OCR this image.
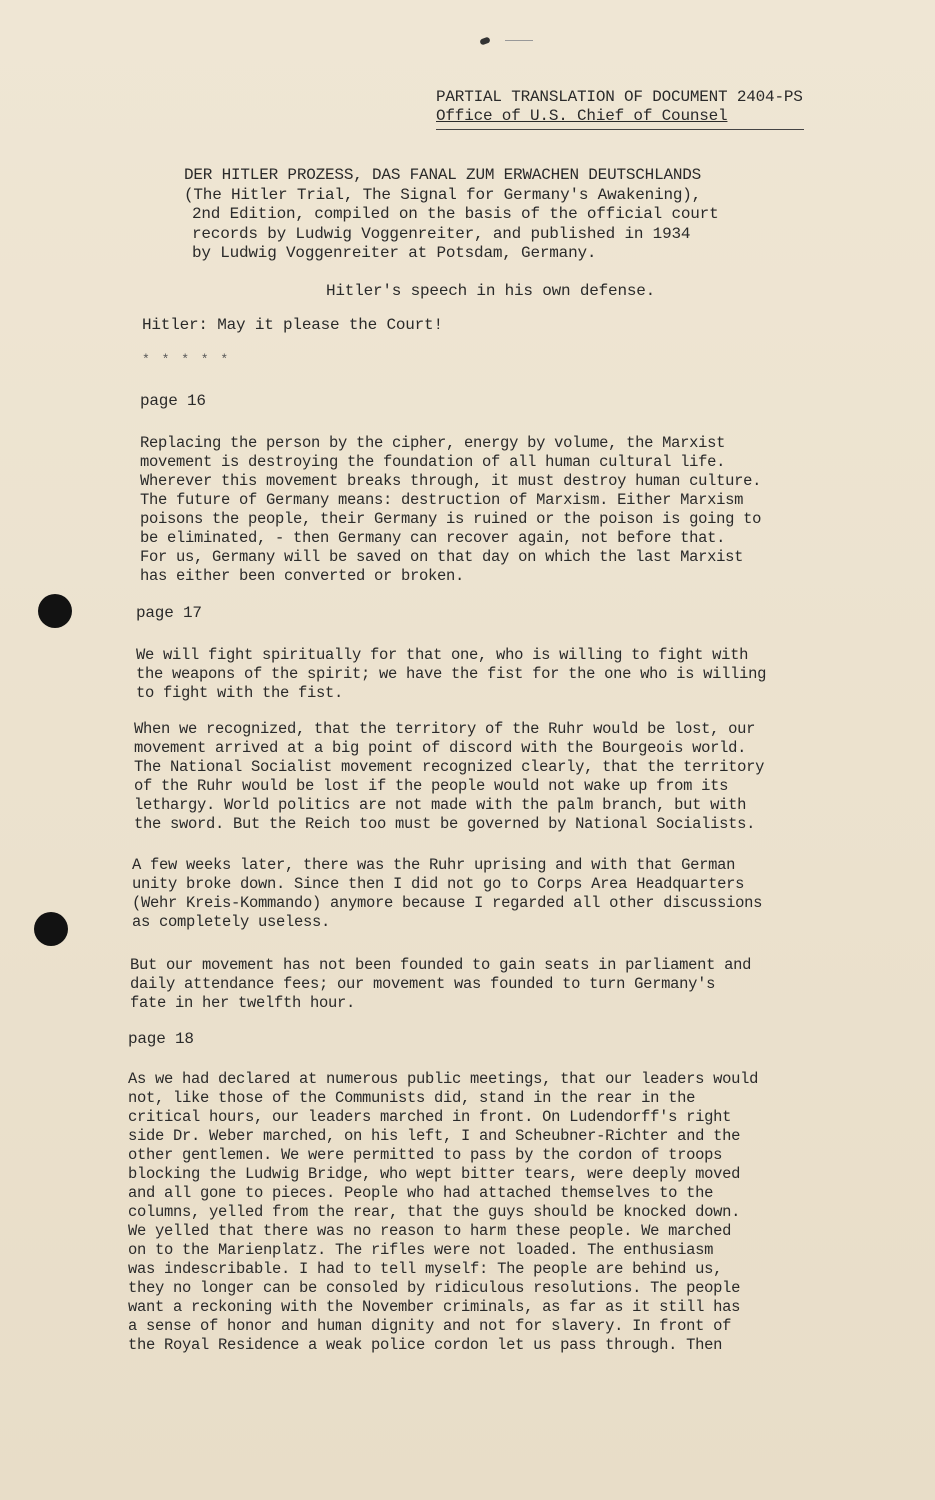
PARTIAL TRANSLATION OF DOCUMENT 2404-PS
Office of U.S. Chief of Counsel
DER HITLER PROZESS, DAS FANAL ZUM ERWACHEN DEUTSCHLANDS
(The Hitler Trial, The Signal for Germany's Awakening),
2nd Edition, compiled on the basis of the official court
records by Ludwig Voggenreiter, and published in 1934
by Ludwig Voggenreiter at Potsdam, Germany.
Hitler's speech in his own defense.
Hitler: May it please the Court!
* * * * *
page 16
Replacing the person by the cipher, energy by volume, the Marxist
movement is destroying the foundation of all human cultural life.
Wherever this movement breaks through, it must destroy human culture.
The future of Germany means: destruction of Marxism. Either Marxism
poisons the people, their Germany is ruined or the poison is going to
be eliminated, - then Germany can recover again, not before that.
For us, Germany will be saved on that day on which the last Marxist
has either been converted or broken.
page 17
We will fight spiritually for that one, who is willing to fight with
the weapons of the spirit; we have the fist for the one who is willing
to fight with the fist.
When we recognized, that the territory of the Ruhr would be lost, our
movement arrived at a big point of discord with the Bourgeois world.
The National Socialist movement recognized clearly, that the territory
of the Ruhr would be lost if the people would not wake up from its
lethargy. World politics are not made with the palm branch, but with
the sword. But the Reich too must be governed by National Socialists.
A few weeks later, there was the Ruhr uprising and with that German
unity broke down. Since then I did not go to Corps Area Headquarters
(Wehr Kreis-Kommando) anymore because I regarded all other discussions
as completely useless.
But our movement has not been founded to gain seats in parliament and
daily attendance fees; our movement was founded to turn Germany's
fate in her twelfth hour.
page 18
As we had declared at numerous public meetings, that our leaders would
not, like those of the Communists did, stand in the rear in the
critical hours, our leaders marched in front. On Ludendorff's right
side Dr. Weber marched, on his left, I and Scheubner-Richter and the
other gentlemen. We were permitted to pass by the cordon of troops
blocking the Ludwig Bridge, who wept bitter tears, were deeply moved
and all gone to pieces. People who had attached themselves to the
columns, yelled from the rear, that the guys should be knocked down.
We yelled that there was no reason to harm these people. We marched
on to the Marienplatz. The rifles were not loaded. The enthusiasm
was indescribable. I had to tell myself: The people are behind us,
they no longer can be consoled by ridiculous resolutions. The people
want a reckoning with the November criminals, as far as it still has
a sense of honor and human dignity and not for slavery. In front of
the Royal Residence a weak police cordon let us pass through. Then
